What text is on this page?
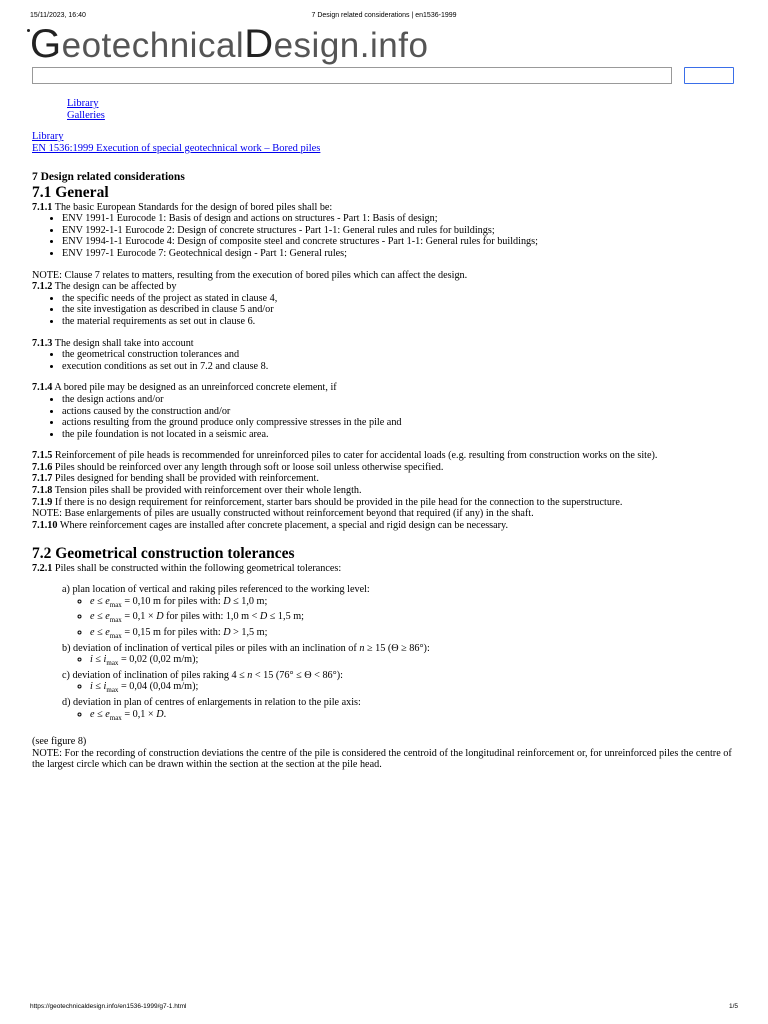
15/11/2023, 16:40	7 Design related considerations | en1536-1999
GeotechnicalDesign.info
Library
Galleries
Library
EN 1536:1999 Execution of special geotechnical work – Bored piles

7 Design related considerations

7.1 General

7.1.1 The basic European Standards for the design of bored piles shall be:

• ENV 1991-1 Eurocode 1: Basis of design and actions on structures - Part 1: Basis of design;
• ENV 1992-1-1 Eurocode 2: Design of concrete structures - Part 1-1: General rules and rules for buildings;
• ENV 1994-1-1 Eurocode 4: Design of composite steel and concrete structures - Part 1-1: General rules for buildings;
• ENV 1997-1 Eurocode 7: Geotechnical design - Part 1: General rules;

NOTE: Clause 7 relates to matters, resulting from the execution of bored piles which can affect the design.

7.1.2 The design can be affected by

• the specific needs of the project as stated in clause 4,
• the site investigation as described in clause 5 and/or
• the material requirements as set out in clause 6.

7.1.3 The design shall take into account

• the geometrical construction tolerances and
• execution conditions as set out in 7.2 and clause 8.

7.1.4 A bored pile may be designed as an unreinforced concrete element, if

• the design actions and/or
• actions caused by the construction and/or
• actions resulting from the ground produce only compressive stresses in the pile and
• the pile foundation is not located in a seismic area.

7.1.5 Reinforcement of pile heads is recommended for unreinforced piles to cater for accidental loads (e.g. resulting from construction works on the site).

7.1.6 Piles should be reinforced over any length through soft or loose soil unless otherwise specified.

7.1.7 Piles designed for bending shall be provided with reinforcement.

7.1.8 Tension piles shall be provided with reinforcement over their whole length.

7.1.9 If there is no design requirement for reinforcement, starter bars should be provided in the pile head for the connection to the superstructure.

NOTE: Base enlargements of piles are usually constructed without reinforcement beyond that required (if any) in the shaft.

7.1.10 Where reinforcement cages are installed after concrete placement, a special and rigid design can be necessary.

7.2 Geometrical construction tolerances

7.2.1 Piles shall be constructed within the following geometrical tolerances:

a) plan location of vertical and raking piles referenced to the working level:
◦ $e \le e_{max} = 0,10$ m for piles with: D ≤ 1,0 m;
◦ $e \le e_{max} = 0,1 \times D$ for piles with: 1,0 m < D ≤ 1,5 m;
◦ $e \le e_{max} = 0,15$ m for piles with: D > 1,5 m;
b) deviation of inclination of vertical piles or piles with an inclination of n ≥ 15 (Θ ≥ 86°):
◦ $i \le i_{max} = 0,02$ (0,02 m/m);
c) deviation of inclination of piles raking 4 ≤ n < 15 (76° ≤ Θ < 86°):
◦ $i \le i_{max} = 0,04$ (0,04 m/m);
d) deviation in plan of centres of enlargements in relation to the pile axis:
◦ $e \le e_{max} = 0,1 \times D$.

(see figure 8)

NOTE: For the recording of construction deviations the centre of the pile is considered the centroid of the longitudinal reinforcement or, for unreinforced piles the centre of the largest circle which can be drawn within the section at the section at the pile head.

https://geotechnicaldesign.info/en1536-1999/g7-1.html	1/5
